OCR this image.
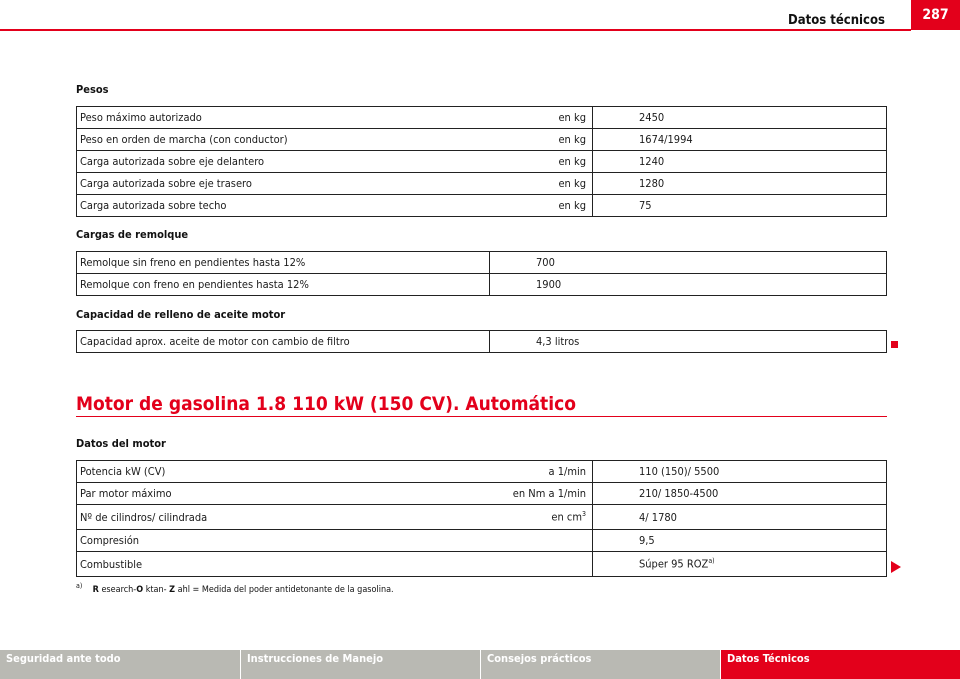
Datos técnicos	287
Pesos
Peso máximo autorizado	en kg	2450
Peso en orden de marcha (con conductor)	en kg	1674/1994
Carga autorizada sobre eje delantero	en kg	1240
Carga autorizada sobre eje trasero	en kg	1280
Carga autorizada sobre techo	en kg	75
Cargas de remolque
Remolque sin freno en pendientes hasta 12%	700
Remolque con freno en pendientes hasta 12%	1900
Capacidad de relleno de aceite motor
Capacidad aprox. aceite de motor con cambio de filtro	4,3 litros
Motor de gasolina 1.8 110 kW (150 CV). Automático
Datos del motor
Potencia kW (CV)	a 1/min	110 (150)/ 5500
Par motor máximo	en Nm a 1/min	210/ 1850-4500
Nº de cilindros/ cilindrada	en $cm^3$	4/ 1780
Compresión		9,5
Combustible		Súper 95 ROZ$^{a)}$
$^{a)}$ R esearch-O ktan- Z ahl = Medida del poder antidetonante de la gasolina.
Seguridad ante todo	Instrucciones de Manejo	Consejos prácticos	Datos Técnicos
